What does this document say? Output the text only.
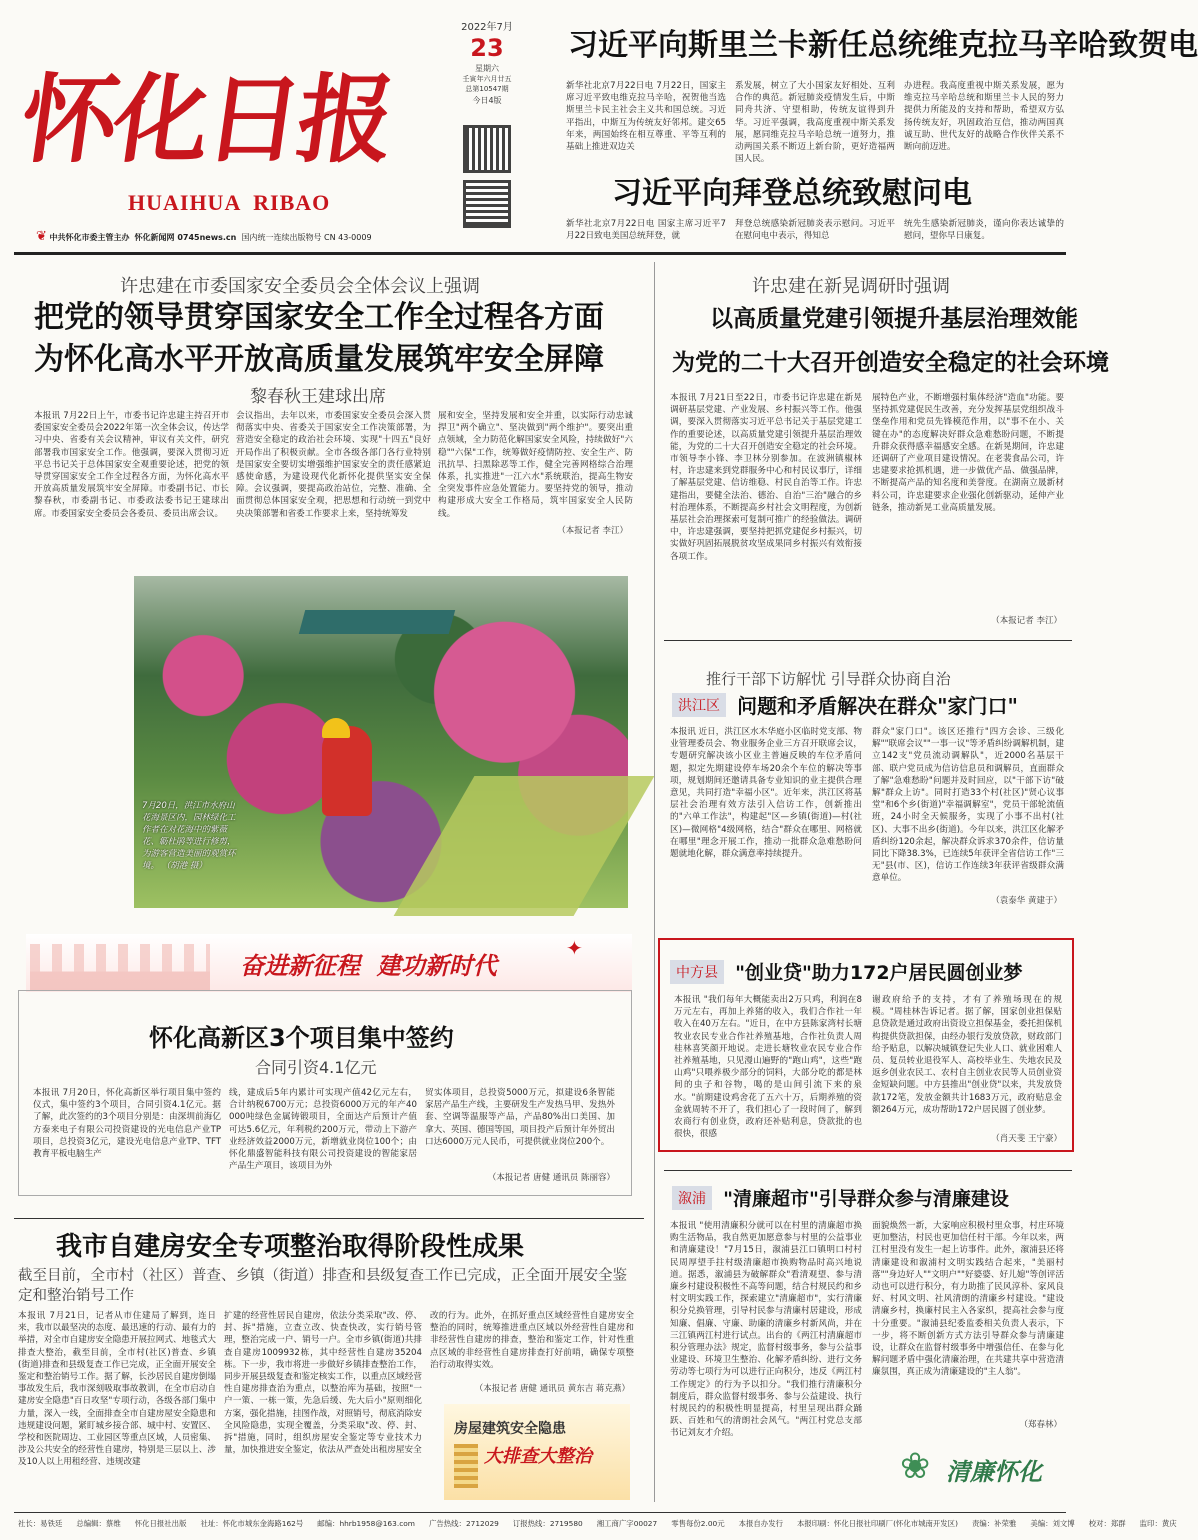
怀化日报
HUAIHUA  RIBAO
2022年7月
23
星期六
壬寅年六月廿五
总第10547期
今日4版
❦ 中共怀化市委主管主办 怀化新闻网 0745news.cn 国内统一连续出版物号 CN 43-0009
习近平向斯里兰卡新任总统维克拉马辛哈致贺电
新华社北京7月22日电 7月22日，国家主席习近平致电维克拉马辛哈，祝贺他当选斯里兰卡民主社会主义共和国总统。习近平指出，中斯互为传统友好邻邦。建交65年来，两国始终在相互尊重、平等互利的基础上推进双边关
系发展，树立了大小国家友好相处、互利合作的典范。新冠肺炎疫情发生后，中斯同舟共济、守望相助，传统友谊得到升华。习近平强调，我高度重视中斯关系发展，愿同维克拉马辛哈总统一道努力，推动两国关系不断迈上新台阶，更好造福两国人民。
办进程。我高度重视中斯关系发展，愿为维克拉马辛哈总统和斯里兰卡人民的努力提供力所能及的支持和帮助，希望双方弘扬传统友好，巩固政治互信，推动两国真诚互助、世代友好的战略合作伙伴关系不断向前迈进。
习近平向拜登总统致慰问电
新华社北京7月22日电 国家主席习近平7月22日致电美国总统拜登，就
拜登总统感染新冠肺炎表示慰问。习近平在慰问电中表示，得知总
统先生感染新冠肺炎，谨向你表达诚挚的慰问，望你早日康复。
许忠建在市委国家安全委员会全体会议上强调
把党的领导贯穿国家安全工作全过程各方面
为怀化高水平开放高质量发展筑牢安全屏障
黎春秋王建球出席
本报讯 7月22日上午，市委书记许忠建主持召开市委国家安全委员会2022年第一次全体会议，传达学习中央、省委有关会议精神，审议有关文件，研究部署我市国家安全工作。他强调，要深入贯彻习近平总书记关于总体国家安全观重要论述，把党的领导贯穿国家安全工作全过程各方面，为怀化高水平开放高质量发展筑牢安全屏障。市委副书记、市长黎春秋，市委副书记、市委政法委书记王建球出席。市委国家安全委员会各委员、委员出席会议。
会议指出，去年以来，市委国家安全委员会深入贯彻落实中央、省委关于国家安全工作决策部署，为营造安全稳定的政治社会环境、实现"十四五"良好开局作出了积极贡献。全市各级各部门各行业特别是国家安全要切实增强维护国家安全的责任感紧迫感使命感，为建设现代化新怀化提供坚实安全保障。会议强调，要提高政治站位，完整、准确、全面贯彻总体国家安全观，把思想和行动统一到党中央决策部署和省委工作要求上来，坚持统筹发
展和安全，坚持发展和安全并重，以实际行动忠诚捍卫"两个确立"、坚决做到"两个维护"。要突出重点领域，全力防范化解国家安全风险，持续做好"六稳""六保"工作，统筹做好疫情防控、安全生产、防汛抗旱、扫黑除恶等工作，健全完善网格综合治理体系，扎实推进"一江六水"系统联治，提高生物安全突发事件应急处置能力。要坚持党的领导，推动构建形成大安全工作格局，筑牢国家安全人民防线。
（本报记者 李江）
7月20日，洪江市水府山花海景区内，园林绿化工作者在对花海中的紫薇花、簕杜鹃等进行修剪，为游客营造美丽的观赏环境。 （胡港 摄）
许忠建在新晃调研时强调
以高质量党建引领提升基层治理效能
为党的二十大召开创造安全稳定的社会环境
本报讯 7月21日至22日，市委书记许忠建在新晃调研基层党建、产业发展、乡村振兴等工作。他强调，要深入贯彻落实习近平总书记关于基层党建工作的重要论述，以高质量党建引领提升基层治理效能，为党的二十大召开创造安全稳定的社会环境。市领导李小锋、李卫林分别参加。在波洲镇椒林村，许忠建来到党群服务中心和村民议事厅，详细了解基层党建、信访维稳、村民自治等工作。许忠建指出，要健全法治、德治、自治"三治"融合的乡村治理体系，不断提高乡村社会文明程度，为创新基层社会治理探索可复制可推广的经验做法。调研中，许忠建强调，要坚持把抓党建促乡村振兴，切实做好巩固拓展脱贫攻坚成果同乡村振兴有效衔接各项工作。
展特色产业，不断增强村集体经济"造血"功能。要坚持抓党建促民生改善，充分发挥基层党组织战斗堡垒作用和党员先锋模范作用，以"事不在小、关键在办"的态度解决好群众急难愁盼问题，不断提升群众获得感幸福感安全感。在新晃期间，许忠建还调研了产业项目建设情况。在老裴食品公司，许忠建要求抢抓机遇，进一步做优产品、做强品牌，不断提高产品的知名度和美誉度。在湖南立晟新材料公司，许忠建要求企业强化创新驱动，延伸产业链条，推动新晃工业高质量发展。
（本报记者 李江）
推行干部下访解忧 引导群众协商自治
洪江区 问题和矛盾解决在群众"家门口"
本报讯 近日，洪江区水木华庭小区临时党支部、物业管理委员会、物业服务企业三方召开联席会议，专题研究解决该小区业主普遍反映的车位矛盾问题，拟定先期建设停车场20余个车位的解决等事项，规划期间还邀请具备专业知识的业主提供合理意见，共同打造"幸福小区"。近年来，洪江区将基层社会治理有效方法引入信访工作，创新推出的"六单工作法"，构建起"区—乡镇(街道)—村(社区)—微网格"4级网格，结合"群众在哪里、网格就在哪里"理念开展工作，推动一批群众急难愁盼问题就地化解，群众满意率持续提升。
群众"家门口"。该区还推行"四方会诊、三级化解""联席会议""一事一议"等矛盾纠纷调解机制，建立142支"党员流动调解队"，近2000名基层干部、联户党员成为信访信息员和调解员，直面群众了解"急难愁盼"问题并及时回应，以"干部下访"破解"群众上访"。同时打造33个村(社区)"贤心议事堂"和6个乡(街道)"幸福调解室"，党员干部轮流值班，24小时全天候服务，实现了小事不出村(社区)、大事不出乡(街道)。今年以来，洪江区化解矛盾纠纷120余起，解决群众诉求370余件，信访量同比下降38.3%，已连续5年获评全省信访工作"三无"县(市、区)，信访工作连续3年获评省级群众满意单位。
（袁泰华 黄建于）
奋进新征程  建功新时代
✦
怀化高新区3个项目集中签约
合同引资4.1亿元
本报讯 7月20日，怀化高新区举行项目集中签约仪式，集中签约3个项目，合同引资4.1亿元。据了解，此次签约的3个项目分别是：由深圳前海亿方泰来电子有限公司投资建设的光电信息产业TP项目，总投资3亿元，建设光电信息产业TP、TFT教育平板电脑生产
线，建成后5年内累计可实现产值42亿元左右，合计纳税6700万元；总投资6000万元的年产40000吨绿色金属铸锻项目，全面达产后预计产值可达5.6亿元，年利税约200万元，带动上下游产业经济效益2000万元，新增就业岗位100个；由怀化鼎盛智能科技有限公司投资建设的智能家居产品生产项目，该项目为外
贸实体项目，总投资5000万元，拟建设6条智能家居产品生产线，主要研发生产发热马甲、发热外套、空调等温服等产品，产品80%出口美国、加拿大、英国、德国等国，项目投产后预计年外贸出口达6000万元人民币，可提供就业岗位200个。
（本报记者 唐健 通讯员 陈丽容）
中方县 "创业贷"助力172户居民圆创业梦
本报讯 "我们每年大概能卖出2万只鸡，利润在8万元左右，再加上养猪的收入，我们合作社一年收入在40万左右。"近日，在中方县陈家湾村长塘牧业农民专业合作社养殖基地，合作社负责人周桂林喜笑颜开地说。走进长塘牧业农民专业合作社养殖基地，只见漫山遍野的"跑山鸡"，这些"跑山鸡"只喂养极少部分的饲料，大部分吃的都是林间的虫子和谷物，喝的是山间引流下来的泉水。"前期建设鸡舍花了五六十万，后期养殖的资金就周转不开了，我们担心了一段时间了，解到农商行有创业贷，政府还补贴利息，贷款批的也很快，很感
谢政府给予的支持，才有了养殖场现在的规模。"周桂林告诉记者。据了解，国家创业担保贴息贷款是通过政府出资设立担保基金，委托担保机构提供贷款担保，由经办银行发放贷款，财政部门给予贴息，以解决城镇登记失业人口、就业困难人员、复员转业退役军人、高校毕业生、失地农民及返乡创业农民工、农村自主创业农民等人员创业资金短缺问题。中方县推出"创业贷"以来，共发放贷款172笔，发放金额共计1683万元，政府贴息金额264万元，成功帮助172户居民圆了创业梦。
（肖天斐 王宁豪）
溆浦 "清廉超市"引导群众参与清廉建设
本报讯 "使用清廉积分就可以在村里的清廉超市换购生活物品，我自然更加愿意参与村里的公益事业和清廉建设！"7月15日，溆浦县江口镇明口村村民周厚望手拄村级清廉超市换购物品时高兴地说道。据悉，溆浦县为破解群众"看清观望、参与清廉乡村建设积极性不高等问题，结合村规民约和乡村文明实践工作，探索建立"清廉超市"，实行清廉积分兑换管理，引导村民参与清廉村居建设，形成知廉、倡廉、守廉、助廉的清廉乡村新风尚，并在三江镇两江村进行试点。出台的《两江村清廉超市积分管理办法》规定，监督村级事务，参与公益事业建设、环境卫生整治、化解矛盾纠纷、进行文务劳动等七项行为可以进行正向积分，违反《两江村工作规定》的行为予以扣分。"我们推行清廉积分制度后，群众监督村级事务、参与公益建设、执行村规民约的积极性明显提高，村里呈现出群众踊跃、百姓和气的清朗社会风气。"两江村党总支部书记刘友才介绍。
面貌焕然一新，大家响应积极村里众事，村庄环境更加整洁，村民也更加信任村干部。今年以来，两江村里没有发生一起上访事件。此外，溆浦县还将清廉建设和溆浦村文明实践结合起来，"美丽村落""身边好人""文明户""好婆婆、好儿媳"等创评活动也可以进行积分，有力助推了民风淳朴、家风良好、村风文明、社风清朗的清廉乡村建设。"建设清廉乡村，换廉村民主入各家织，提高社会参与度十分重要。"溆浦县纪委监委相关负责人表示，下一步，将不断创新方式方法引导群众参与清廉建设，让群众在监督村级事务中增强信任、在参与化解问题矛盾中强化清廉治理，在共建共享中营造清廉氛围，真正成为清廉建设的"主人翁"。
（郑春林）
❀ 清廉怀化
我市自建房安全专项整治取得阶段性成果
截至目前，全市村（社区）普查、乡镇（街道）排查和县级复查工作已完成，正全面开展安全鉴定和整治销号工作
本报讯 7月21日，记者从市住建局了解到，连日来，我市以最坚决的态度、最迅速的行动、最有力的举措，对全市自建房安全隐患开展拉网式、地毯式大排查大整治，截至目前，全市村(社区)普查、乡镇(街道)排查和县级复查工作已完成，正全面开展安全鉴定和整治销号工作。据了解，长沙居民自建房倒塌事故发生后，我市深刻吸取事故教训，在全市启动自建房安全隐患"百日攻坚"专项行动，各级各部门集中力量，深入一线，全面排查全市自建房屋安全隐患和违规建设问题，紧盯城乡接合部、城中村、安置区、学校和医院周边、工业园区等重点区域，人员密集、涉及公共安全的经营性自建房，特别是三层以上、涉及10人以上用租经营、违规改建
扩建的经营性居民自建房，依法分类采取"改、停、封、拆"措施，立查立改、快查快改，实行销号管理，整治完成一户、销号一户。全市乡镇(街道)共排查自建房1009932栋，其中经营性自建房35204栋。下一步，我市将进一步做好乡镇排查整治工作，同步开展县级复查和鉴定核实工作，以重点区域经营性自建房排查治为重点，以整治库为基础，按照"一户一策、一栋一策，先急后缓、先大后小"原则细化方案，强化措施，挂图作战，对照销号，彻底消除安全风险隐患，实现全覆盖，分类采取"改、停、封、拆"措施，同时，组织房屋安全鉴定等专业技术力量，加快推进安全鉴定，依法从严查处出租房屋安全
改的行为。此外，在抓好重点区域经营性自建房安全整治的同时，统筹推进重点区域以外经营性自建房和非经营性自建房的排查，整治和鉴定工作，针对性重点区域的非经营性自建房排查打好前哨，确保专项整治行动取得实效。
（本报记者 唐健 通讯员 黄东吉 蒋克燕）
房屋建筑安全隐患
大排查大整治
社长：易铁廷 总编辑：蔡维 怀化日报社出版 社址：怀化市城东金海路162号 邮编：hhrb1958@163.com 广告热线：2712029 订报热线：2719580 湘工商广字00027 零售每份2.00元 本报自办发行 本报印刷：怀化日报社印刷厂(怀化市城南开发区) 责编：补荣雅 美编：刘文博 校对：郑群 监印：黄庆
